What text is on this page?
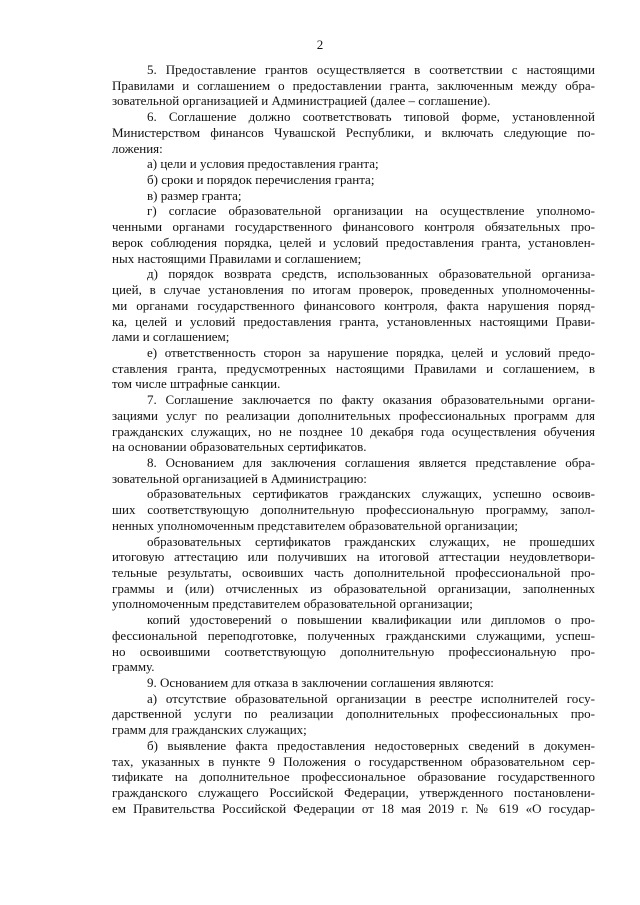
2
5. Предоставление грантов осуществляется в соответствии с настоящими
Правилами и соглашением о предоставлении гранта, заключенным между обра-
зовательной организацией и Администрацией (далее – соглашение).
6. Соглашение должно соответствовать типовой форме, установленной
Министерством финансов Чувашской Республики, и включать следующие по-
ложения:
а) цели и условия предоставления гранта;
б) сроки и порядок перечисления гранта;
в) размер гранта;
г) согласие образовательной организации на осуществление уполномо-
ченными органами государственного финансового контроля обязательных про-
верок соблюдения порядка, целей и условий предоставления гранта, установлен-
ных настоящими Правилами и соглашением;
д) порядок возврата средств, использованных образовательной организа-
цией, в случае установления по итогам проверок, проведенных уполномоченны-
ми органами государственного финансового контроля, факта нарушения поряд-
ка, целей и условий предоставления гранта, установленных настоящими Прави-
лами и соглашением;
е) ответственность сторон за нарушение порядка, целей и условий предо-
ставления гранта, предусмотренных настоящими Правилами и соглашением, в
том числе штрафные санкции.
7. Соглашение заключается по факту оказания образовательными органи-
зациями услуг по реализации дополнительных профессиональных программ для
гражданских служащих, но не позднее 10 декабря года осуществления обучения
на основании образовательных сертификатов.
8. Основанием для заключения соглашения является представление обра-
зовательной организацией в Администрацию:
образовательных сертификатов гражданских служащих, успешно освоив-
ших соответствующую дополнительную профессиональную программу, запол-
ненных уполномоченным представителем образовательной организации;
образовательных сертификатов гражданских служащих, не прошедших
итоговую аттестацию или получивших на итоговой аттестации неудовлетвори-
тельные результаты, освоивших часть дополнительной профессиональной про-
граммы и (или) отчисленных из образовательной организации, заполненных
уполномоченным представителем образовательной организации;
копий удостоверений о повышении квалификации или дипломов о про-
фессиональной переподготовке, полученных гражданскими служащими, успеш-
но освоившими соответствующую дополнительную профессиональную про-
грамму.
9. Основанием для отказа в заключении соглашения являются:
а) отсутствие образовательной организации в реестре исполнителей госу-
дарственной услуги по реализации дополнительных профессиональных про-
грамм для гражданских служащих;
б) выявление факта предоставления недостоверных сведений в докумен-
тах, указанных в пункте 9 Положения о государственном образовательном сер-
тификате на дополнительное профессиональное образование государственного
гражданского служащего Российской Федерации, утвержденного постановлени-
ем Правительства Российской Федерации от 18 мая 2019 г. № 619 «О государ-
